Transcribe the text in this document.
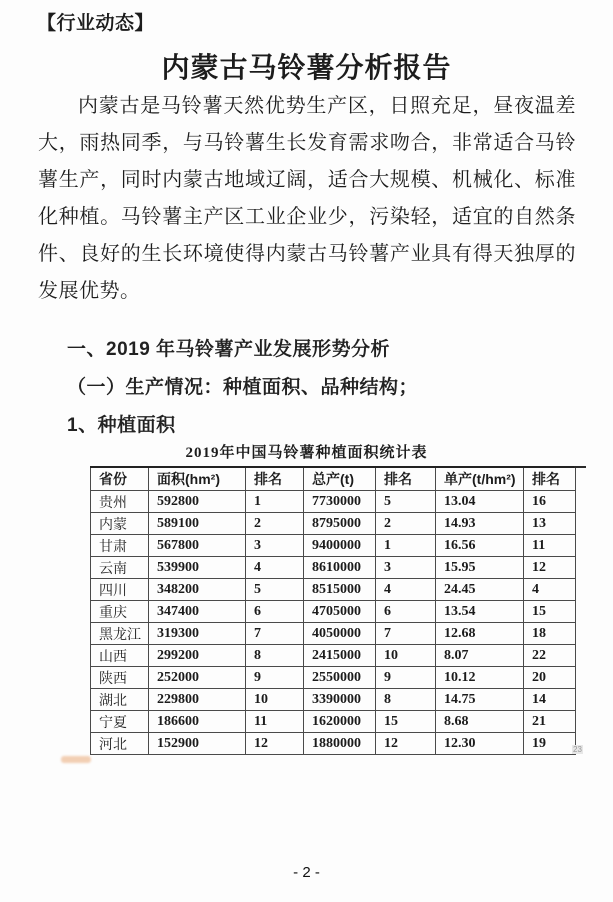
【行业动态】
内蒙古马铃薯分析报告
内蒙古是马铃薯天然优势生产区，日照充足，昼夜温差大，雨热同季，与马铃薯生长发育需求吻合，非常适合马铃薯生产，同时内蒙古地域辽阔，适合大规模、机械化、标准化种植。马铃薯主产区工业企业少，污染轻，适宜的自然条件、良好的生长环境使得内蒙古马铃薯产业具有得天独厚的发展优势。
一、2019 年马铃薯产业发展形势分析
（一）生产情况：种植面积、品种结构；
1、种植面积
2019年中国马铃薯种植面积统计表
省份	面积(hm²)	排名	总产(t)	排名	单产(t/hm²)	排名
贵州	592800	1	7730000	5	13.04	16
内蒙	589100	2	8795000	2	14.93	13
甘肃	567800	3	9400000	1	16.56	11
云南	539900	4	8610000	3	15.95	12
四川	348200	5	8515000	4	24.45	4
重庆	347400	6	4705000	6	13.54	15
黑龙江	319300	7	4050000	7	12.68	18
山西	299200	8	2415000	10	8.07	22
陕西	252000	9	2550000	9	10.12	20
湖北	229800	10	3390000	8	14.75	14
宁夏	186600	11	1620000	15	8.68	21
河北	152900	12	1880000	12	12.30	19	23
- 2 -
